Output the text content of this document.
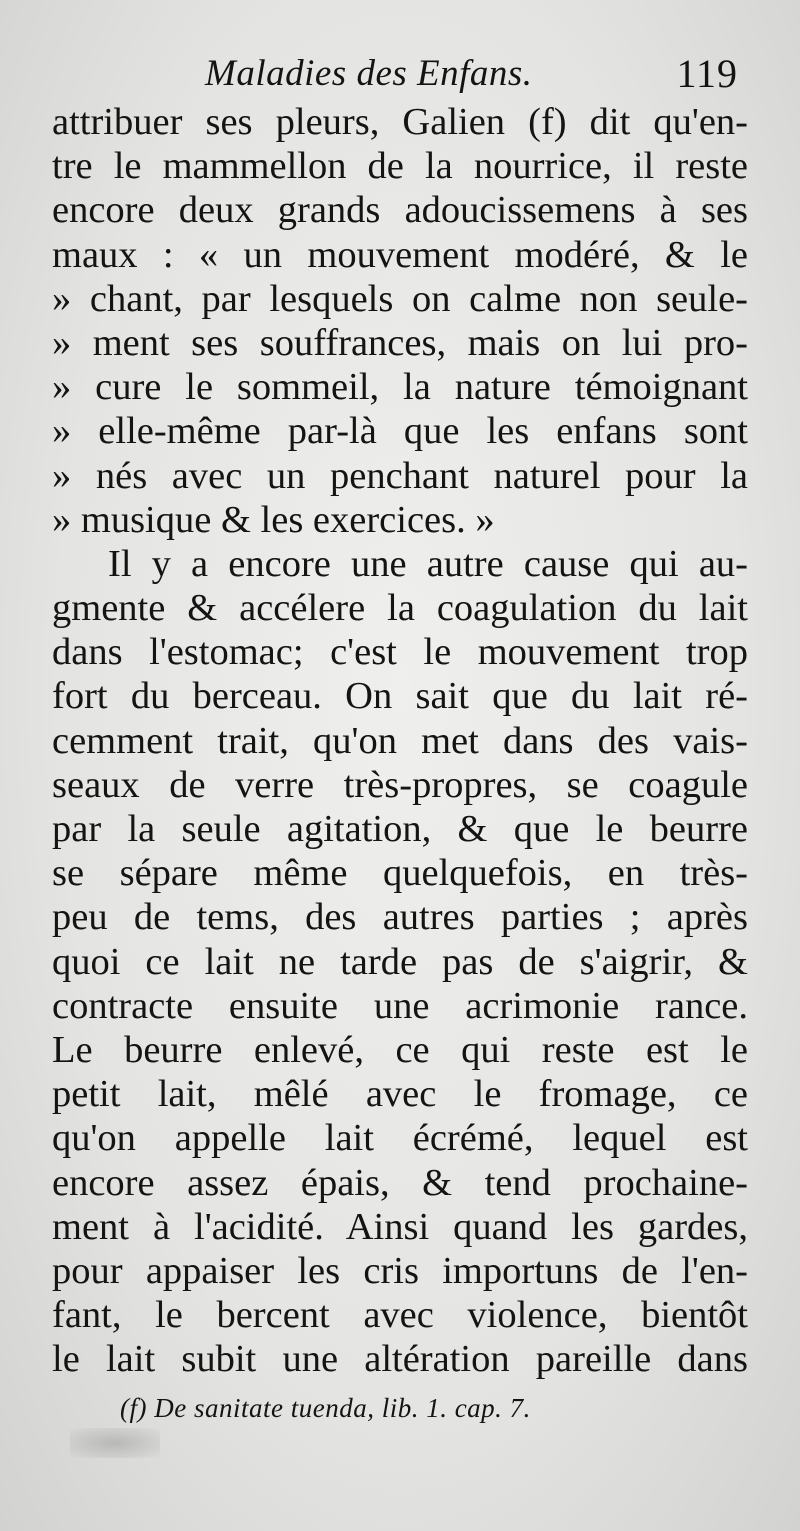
Maladies des Enfans.	119
attribuer ses pleurs, Galien (f) dit qu'en-
tre le mammellon de la nourrice, il reste
encore deux grands adoucissemens à ses
maux : « un mouvement modéré, & le
» chant, par lesquels on calme non seule-
» ment ses souffrances, mais on lui pro-
» cure le sommeil, la nature témoignant
» elle-même par-là que les enfans sont
» nés avec un penchant naturel pour la
» musique & les exercices. »
Il y a encore une autre cause qui au-
gmente & accélere la coagulation du lait
dans l'estomac; c'est le mouvement trop
fort du berceau. On sait que du lait ré-
cemment trait, qu'on met dans des vais-
seaux de verre très-propres, se coagule
par la seule agitation, & que le beurre
se sépare même quelquefois, en très-
peu de tems, des autres parties ; après
quoi ce lait ne tarde pas de s'aigrir, &
contracte ensuite une acrimonie rance.
Le beurre enlevé, ce qui reste est le
petit lait, mêlé avec le fromage, ce
qu'on appelle lait écrémé, lequel est
encore assez épais, & tend prochaine-
ment à l'acidité. Ainsi quand les gardes,
pour appaiser les cris importuns de l'en-
fant, le bercent avec violence, bientôt
le lait subit une altération pareille dans
(f) De sanitate tuenda, lib. 1. cap. 7.
